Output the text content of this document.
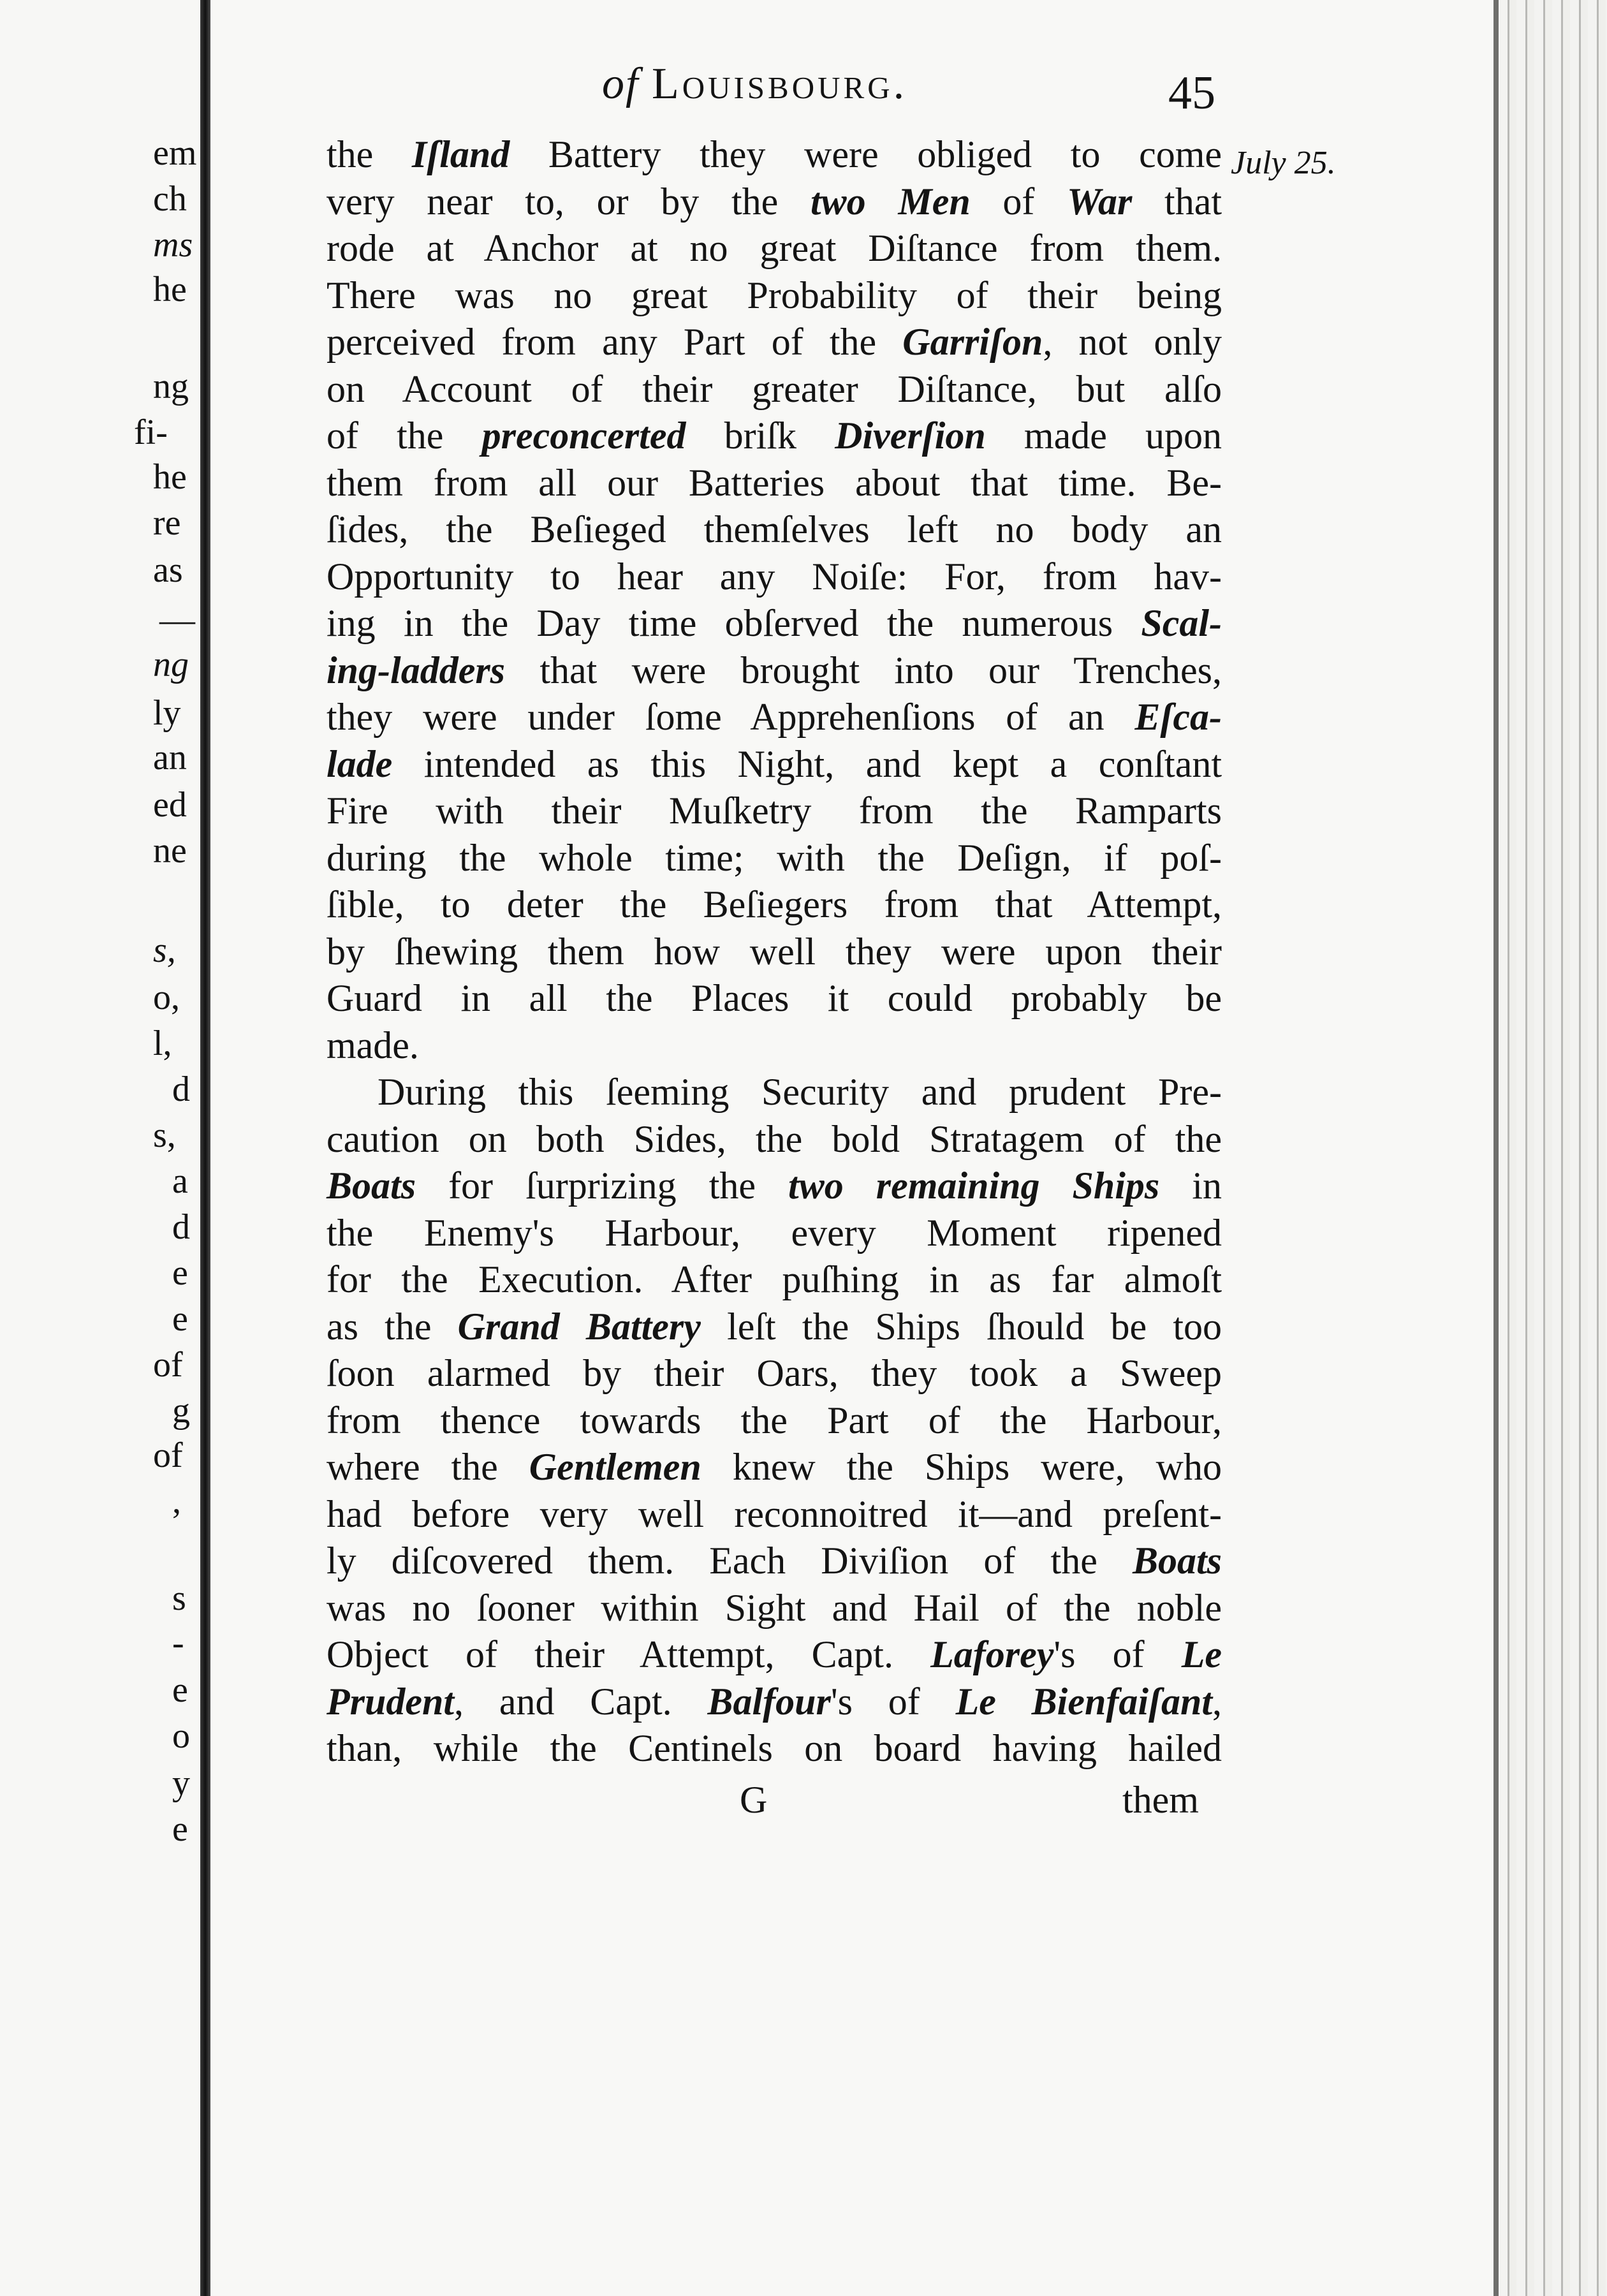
em
ch
ms
he
ng
fi-
he
re
as
—
ng
ly
an
ed
ne
s,
o,
l,
d
s,
a
d
e
e
of
g
of
,
s
-
e
o
y
e
of Louisbourg.	45
July 25.
the Iſland Battery they were obliged to come
very near to, or by the two Men of War that
rode at Anchor at no great Diſtance from them.
There was no great Probability of their being
perceived from any Part of the Garriſon, not only
on Account of their greater Diſtance, but alſo
of the preconcerted briſk Diverſion made upon
them from all our Batteries about that time. Be-
ſides, the Beſieged themſelves left no body an
Opportunity to hear any Noiſe: For, from hav-
ing in the Day time obſerved the numerous Scal-
ing-ladders that were brought into our Trenches,
they were under ſome Apprehenſions of an Eſca-
lade intended as this Night, and kept a conſtant
Fire with their Muſketry from the Ramparts
during the whole time; with the Deſign, if poſ-
ſible, to deter the Beſiegers from that Attempt,
by ſhewing them how well they were upon their
Guard in all the Places it could probably be
made.
During this ſeeming Security and prudent Pre-
caution on both Sides, the bold Stratagem of the
Boats for ſurprizing the two remaining Ships in
the Enemy's Harbour, every Moment ripened
for the Execution. After puſhing in as far almoſt
as the Grand Battery leſt the Ships ſhould be too
ſoon alarmed by their Oars, they took a Sweep
from thence towards the Part of the Harbour,
where the Gentlemen knew the Ships were, who
had before very well reconnoitred it—and preſent-
ly diſcovered them. Each Diviſion of the Boats
was no ſooner within Sight and Hail of the noble
Object of their Attempt, Capt. Laforey's of Le
Prudent, and Capt. Balfour's of Le Bienfaiſant,
than, while the Centinels on board having hailed
G	them
